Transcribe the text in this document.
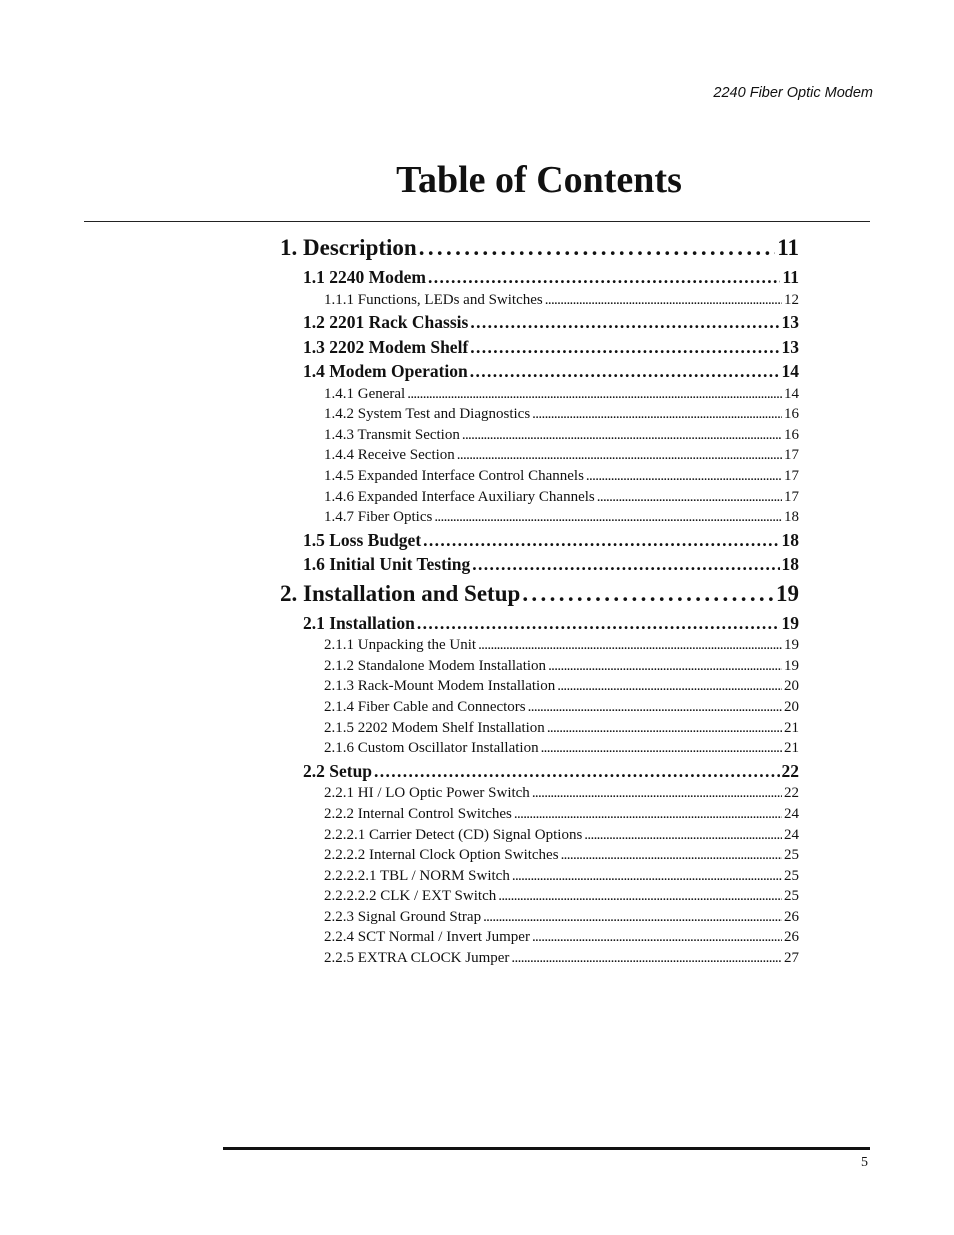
2240 Fiber Optic Modem
Table of Contents
1. Description . . .	11
1.1 2240 Modem . . .	11
1.1.1 Functions, LEDs and Switches . . .	12
1.2 2201 Rack Chassis . . .	13
1.3 2202 Modem Shelf . . .	13
1.4 Modem Operation . . .	14
1.4.1 General . . .	14
1.4.2 System Test and Diagnostics . . .	16
1.4.3 Transmit Section . . .	16
1.4.4 Receive Section . . .	17
1.4.5 Expanded Interface Control Channels . . .	17
1.4.6 Expanded Interface Auxiliary Channels . . .	17
1.4.7 Fiber Optics . . .	18
1.5 Loss Budget . . .	18
1.6 Initial Unit Testing . . .	18
2. Installation and Setup . . .	19
2.1 Installation . . .	19
2.1.1 Unpacking the Unit . . .	19
2.1.2 Standalone Modem Installation . . .	19
2.1.3 Rack-Mount Modem Installation . . .	20
2.1.4 Fiber Cable and Connectors . . .	20
2.1.5 2202 Modem Shelf Installation . . .	21
2.1.6 Custom Oscillator Installation . . .	21
2.2 Setup . . .	22
2.2.1 HI / LO Optic Power Switch . . .	22
2.2.2 Internal Control Switches . . .	24
2.2.2.1 Carrier Detect (CD) Signal Options . . .	24
2.2.2.2 Internal Clock Option Switches . . .	25
2.2.2.2.1 TBL / NORM Switch . . .	25
2.2.2.2.2 CLK / EXT Switch . . .	25
2.2.3 Signal Ground Strap . . .	26
2.2.4 SCT Normal / Invert Jumper . . .	26
2.2.5 EXTRA CLOCK Jumper . . .	27
5
